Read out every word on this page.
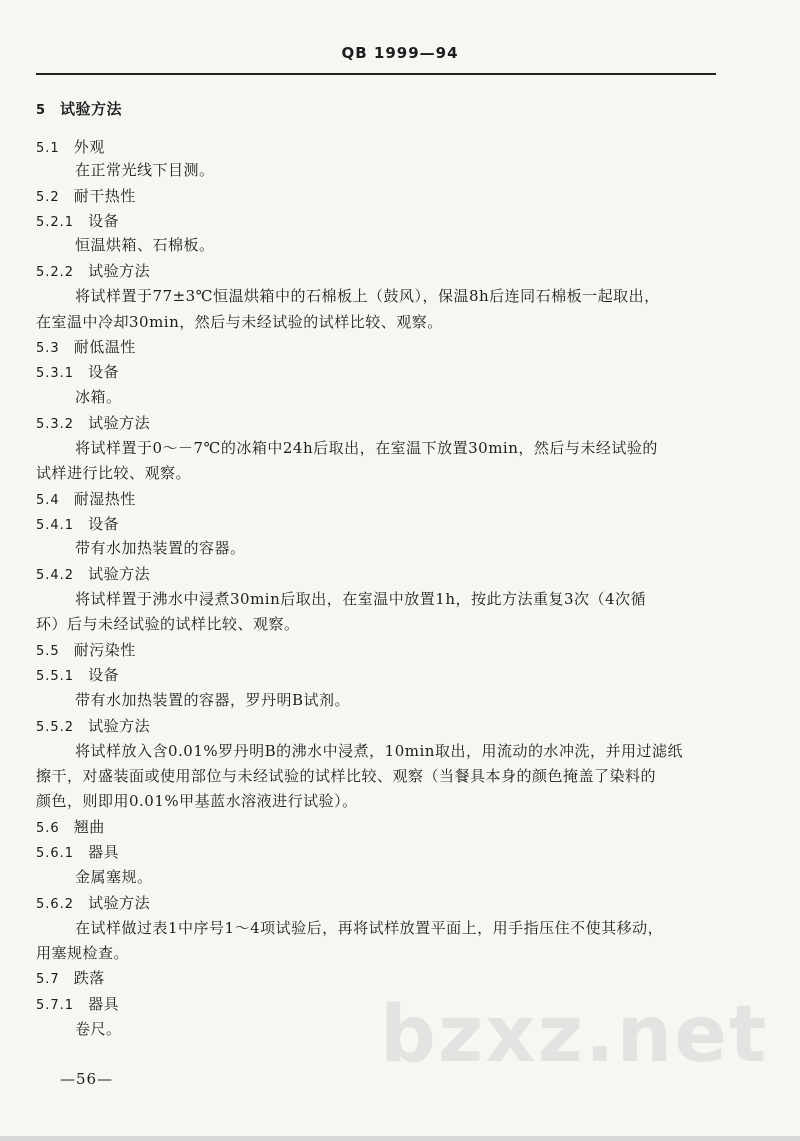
QB 1999—94
5 试验方法
5.1 外观
在正常光线下目测。
5.2 耐干热性
5.2.1 设备
恒温烘箱、石棉板。
5.2.2 试验方法
将试样置于77±3℃恒温烘箱中的石棉板上（鼓风），保温8h后连同石棉板一起取出，
在室温中冷却30min，然后与未经试验的试样比较、观察。
5.3 耐低温性
5.3.1 设备
冰箱。
5.3.2 试验方法
将试样置于0～－7℃的冰箱中24h后取出，在室温下放置30min，然后与未经试验的
试样进行比较、观察。
5.4 耐湿热性
5.4.1 设备
带有水加热装置的容器。
5.4.2 试验方法
将试样置于沸水中浸煮30min后取出，在室温中放置1h，按此方法重复3次（4次循
环）后与未经试验的试样比较、观察。
5.5 耐污染性
5.5.1 设备
带有水加热装置的容器，罗丹明B试剂。
5.5.2 试验方法
将试样放入含0.01%罗丹明B的沸水中浸煮，10min取出，用流动的水冲洗，并用过滤纸
擦干，对盛装面或使用部位与未经试验的试样比较、观察（当餐具本身的颜色掩盖了染料的
颜色，则即用0.01%甲基蓝水溶液进行试验）。
5.6 翘曲
5.6.1 器具
金属塞规。
5.6.2 试验方法
在试样做过表1中序号1～4项试验后，再将试样放置平面上，用手指压住不使其移动，
用塞规检查。
5.7 跌落
5.7.1 器具
卷尺。	bzxz.net
—56—
